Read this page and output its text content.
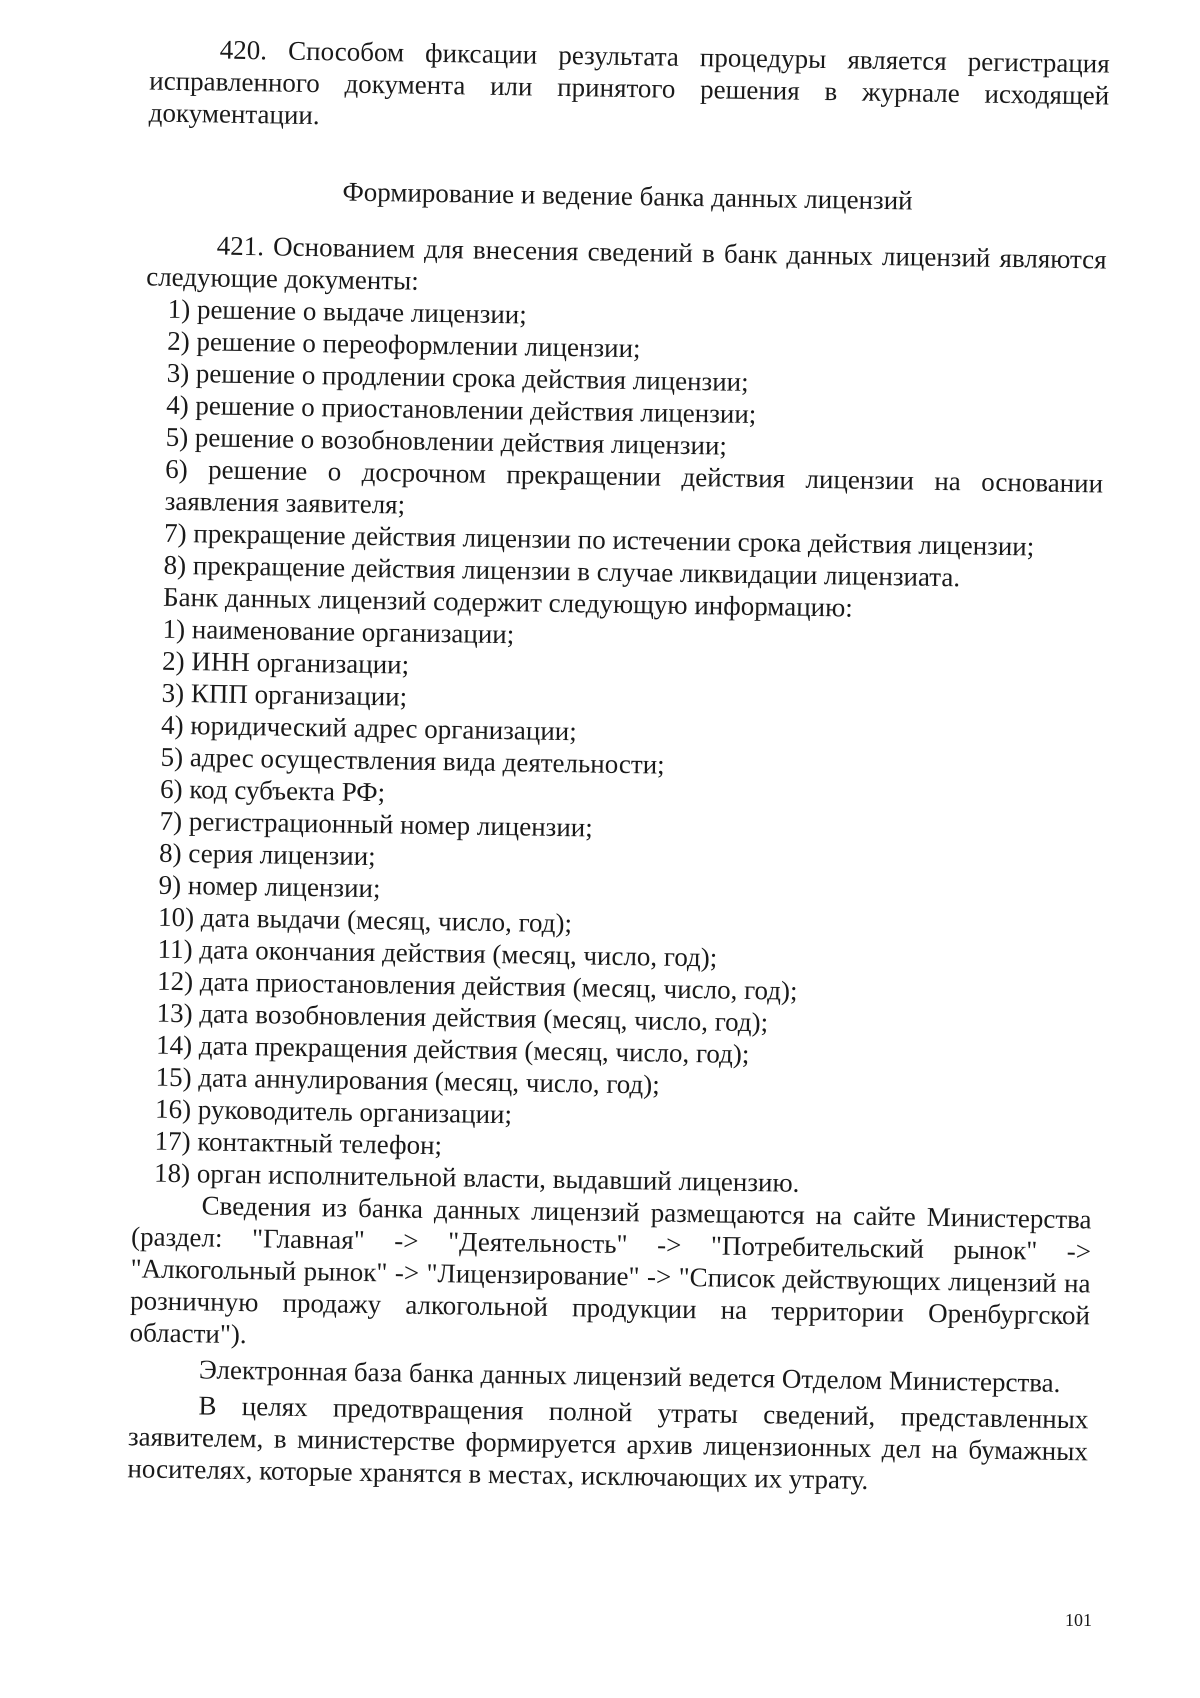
420. Способом фиксации результата процедуры является регистрация исправленного документа или принятого решения в журнале исходящей документации.

Формирование и ведение банка данных лицензий

421. Основанием для внесения сведений в банк данных лицензий являются следующие документы:

1) решение о выдаче лицензии;

2) решение о переоформлении лицензии;

3) решение о продлении срока действия лицензии;

4) решение о приостановлении действия лицензии;

5) решение о возобновлении действия лицензии;

6) решение о досрочном прекращении действия лицензии на основании заявления заявителя;

7) прекращение действия лицензии по истечении срока действия лицензии;

8) прекращение действия лицензии в случае ликвидации лицензиата.

Банк данных лицензий содержит следующую информацию:

1) наименование организации;

2) ИНН организации;

3) КПП организации;

4) юридический адрес организации;

5) адрес осуществления вида деятельности;

6) код субъекта РФ;

7) регистрационный номер лицензии;

8) серия лицензии;

9) номер лицензии;

10) дата выдачи (месяц, число, год);

11) дата окончания действия (месяц, число, год);

12) дата приостановления действия (месяц, число, год);

13) дата возобновления действия (месяц, число, год);

14) дата прекращения действия (месяц, число, год);

15) дата аннулирования (месяц, число, год);

16) руководитель организации;

17) контактный телефон;

18) орган исполнительной власти, выдавший лицензию.

Сведения из банка данных лицензий размещаются на сайте Министерства (раздел: "Главная" -> "Деятельность" -> "Потребительский рынок" -> "Алкогольный рынок" -> "Лицензирование" -> "Список действующих лицензий на розничную продажу алкогольной продукции на территории Оренбургской области").

Электронная база банка данных лицензий ведется Отделом Министерства.

В целях предотвращения полной утраты сведений, представленных заявителем, в министерстве формируется архив лицензионных дел на бумажных носителях, которые хранятся в местах, исключающих их утрату.

101
